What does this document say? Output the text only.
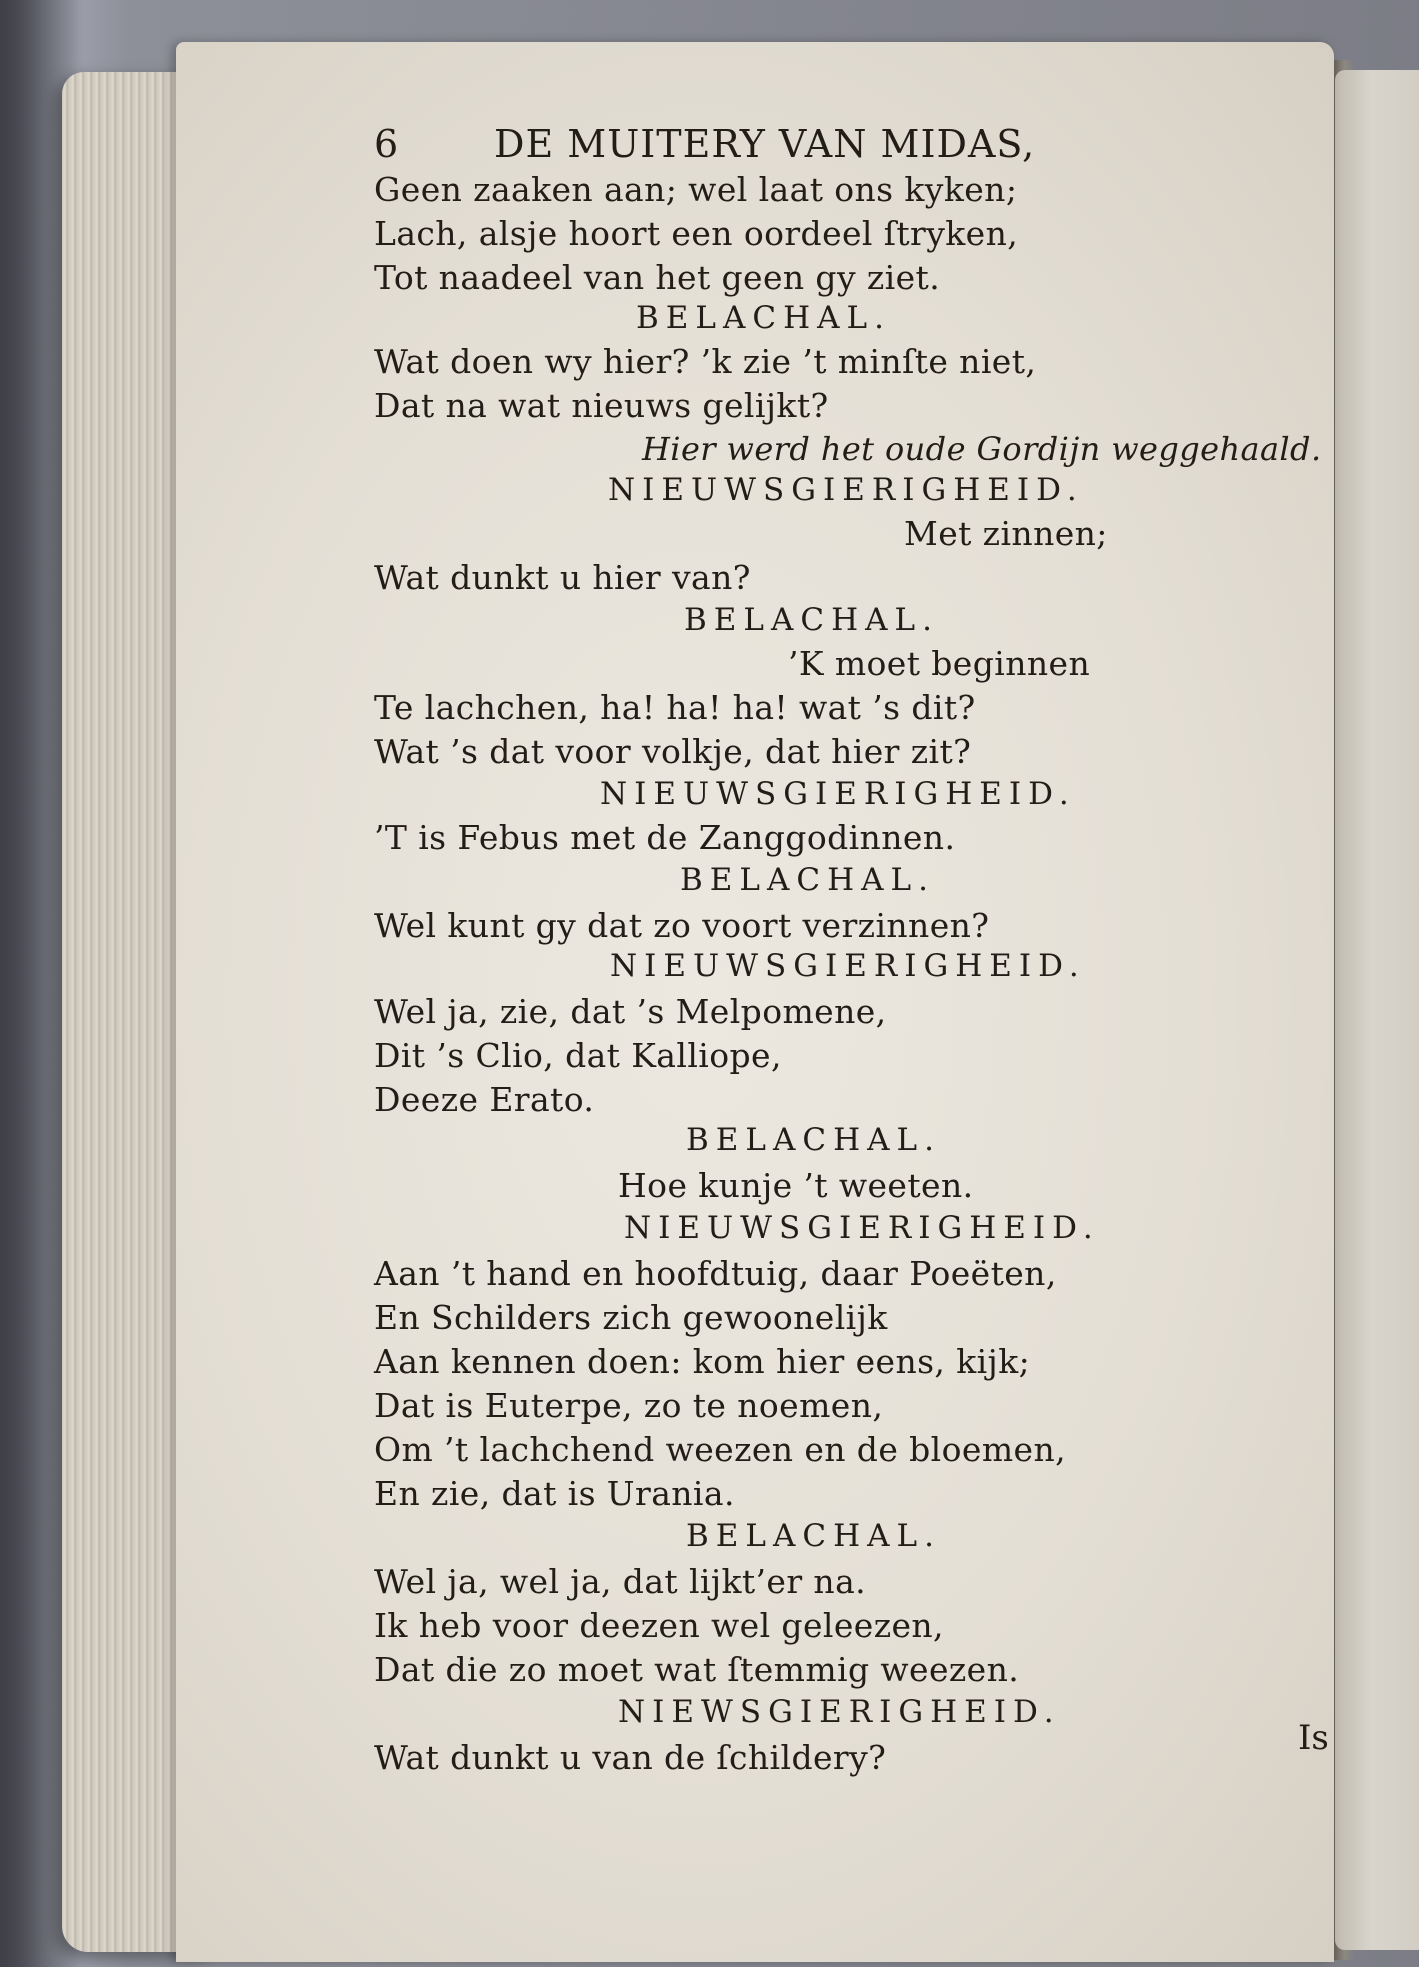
6 DE MUITERY VAN MIDAS,
Geen zaaken aan; wel laat ons kyken;
Lach, alsje hoort een oordeel ſtryken,
Tot naadeel van het geen gy ziet.
BELACHAL.
Wat doen wy hier? ’k zie ’t minſte niet,
Dat na wat nieuws gelijkt?
Hier werd het oude Gordijn weggehaald.
NIEUWSGIERIGHEID.
Met zinnen;
Wat dunkt u hier van?
BELACHAL.
’K moet beginnen
Te lachchen, ha! ha! ha! wat ’s dit?
Wat ’s dat voor volkje, dat hier zit?
NIEUWSGIERIGHEID.
’T is Febus met de Zanggodinnen.
BELACHAL.
Wel kunt gy dat zo voort verzinnen?
NIEUWSGIERIGHEID.
Wel ja, zie, dat ’s Melpomene,
Dit ’s Clio, dat Kalliope,
Deeze Erato.
BELACHAL.
Hoe kunje ’t weeten.
NIEUWSGIERIGHEID.
Aan ’t hand en hoofdtuig, daar Poeëten,
En Schilders zich gewoonelijk
Aan kennen doen: kom hier eens, kijk;
Dat is Euterpe, zo te noemen,
Om ’t lachchend weezen en de bloemen,
En zie, dat is Urania.
BELACHAL.
Wel ja, wel ja, dat lijkt’er na.
Ik heb voor deezen wel geleezen,
Dat die zo moet wat ſtemmig weezen.
NIEWSGIERIGHEID.
Wat dunkt u van de ſchildery?	Is
